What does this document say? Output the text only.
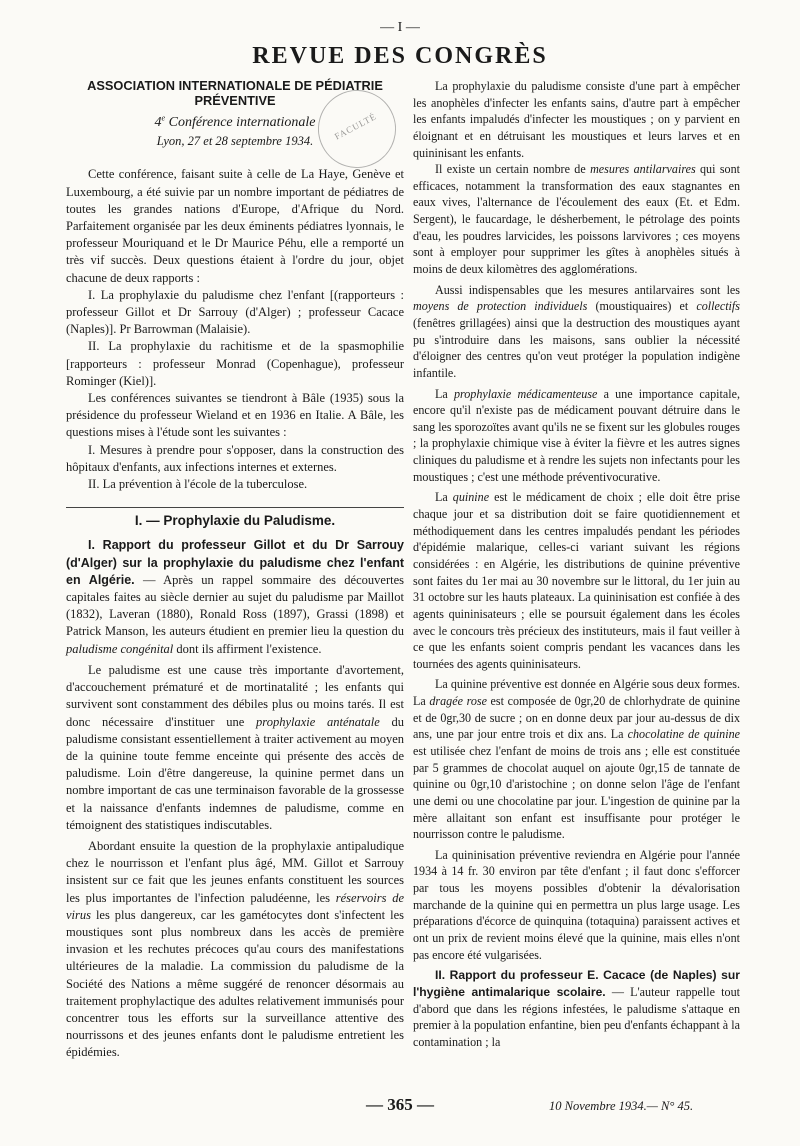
— I —
REVUE DES CONGRÈS
FACULTÉ

ASSOCIATION INTERNATIONALE DE PÉDIATRIE PRÉVENTIVE

4e Conférence internationale

Lyon, 27 et 28 septembre 1934.

Cette conférence, faisant suite à celle de La Haye, Genève et Luxembourg, a été suivie par un nombre important de pédiatres de toutes les grandes nations d'Europe, d'Afrique du Nord. Parfaitement organisée par les deux éminents pédiatres lyonnais, le professeur Mouriquand et le Dr Maurice Péhu, elle a remporté un très vif succès. Deux questions étaient à l'ordre du jour, objet chacune de deux rapports :

I. La prophylaxie du paludisme chez l'enfant [(rapporteurs : professeur Gillot et Dr Sarrouy (d'Alger) ; professeur Cacace (Naples)]. Pr Barrowman (Malaisie).

II. La prophylaxie du rachitisme et de la spasmophilie [rapporteurs : professeur Monrad (Copenhague), professeur Rominger (Kiel)].

Les conférences suivantes se tiendront à Bâle (1935) sous la présidence du professeur Wieland et en 1936 en Italie. A Bâle, les questions mises à l'étude sont les suivantes :

I. Mesures à prendre pour s'opposer, dans la construction des hôpitaux d'enfants, aux infections internes et externes.

II. La prévention à l'école de la tuberculose.

I. — Prophylaxie du Paludisme.

I. Rapport du professeur Gillot et du Dr Sarrouy (d'Alger) sur la prophylaxie du paludisme chez l'enfant en Algérie. — Après un rappel sommaire des découvertes capitales faites au siècle dernier au sujet du paludisme par Maillot (1832), Laveran (1880), Ronald Ross (1897), Grassi (1898) et Patrick Manson, les auteurs étudient en premier lieu la question du paludisme congénital dont ils affirment l'existence.

Le paludisme est une cause très importante d'avortement, d'accouchement prématuré et de mortinatalité ; les enfants qui survivent sont constamment des débiles plus ou moins tarés. Il est donc nécessaire d'instituer une prophylaxie anténatale du paludisme consistant essentiellement à traiter activement au moyen de la quinine toute femme enceinte qui présente des accès de paludisme. Loin d'être dangereuse, la quinine permet dans un nombre important de cas une terminaison favorable de la grossesse et la naissance d'enfants indemnes de paludisme, comme en témoignent des statistiques indiscutables.

Abordant ensuite la question de la prophylaxie antipaludique chez le nourrisson et l'enfant plus âgé, MM. Gillot et Sarrouy insistent sur ce fait que les jeunes enfants constituent les sources les plus importantes de l'infection paludéenne, les réservoirs de virus les plus dangereux, car les gamétocytes dont s'infectent les moustiques sont plus nombreux dans les accès de première invasion et les rechutes précoces qu'au cours des manifestations ultérieures de la maladie. La commission du paludisme de la Société des Nations a même suggéré de renoncer désormais au traitement prophylactique des adultes relativement immunisés pour concentrer tous les efforts sur la surveillance attentive des nourrissons et des jeunes enfants dont le paludisme entretient les épidémies.

La prophylaxie du paludisme consiste d'une part à empêcher les anophèles d'infecter les enfants sains, d'autre part à empêcher les enfants impaludés d'infecter les moustiques ; on y parvient en éloignant et en détruisant les moustiques et leurs larves et en quininisant les enfants.

Il existe un certain nombre de mesures antilarvaires qui sont efficaces, notamment la transformation des eaux stagnantes en eaux vives, l'alternance de l'écoulement des eaux (Et. et Edm. Sergent), le faucardage, le désherbement, le pétrolage des points d'eau, les poudres larvicides, les poissons larvivores ; ces moyens sont à employer pour supprimer les gîtes à anophèles situés à moins de deux kilomètres des agglomérations.

Aussi indispensables que les mesures antilarvaires sont les moyens de protection individuels (moustiquaires) et collectifs (fenêtres grillagées) ainsi que la destruction des moustiques ayant pu s'introduire dans les maisons, sans oublier la nécessité d'éloigner des centres qu'on veut protéger la population indigène infantile.

La prophylaxie médicamenteuse a une importance capitale, encore qu'il n'existe pas de médicament pouvant détruire dans le sang les sporozoïtes avant qu'ils ne se fixent sur les globules rouges ; la prophylaxie chimique vise à éviter la fièvre et les autres signes cliniques du paludisme et à rendre les sujets non infectants pour les moustiques ; c'est une méthode préventivocurative.

La quinine est le médicament de choix ; elle doit être prise chaque jour et sa distribution doit se faire quotidiennement et méthodiquement dans les centres impaludés pendant les périodes d'épidémie malarique, celles-ci variant suivant les régions considérées : en Algérie, les distributions de quinine préventive sont faites du 1er mai au 30 novembre sur le littoral, du 1er juin au 31 octobre sur les hauts plateaux. La quininisation est confiée à des agents quininisateurs ; elle se poursuit également dans les écoles avec le concours très précieux des instituteurs, mais il faut veiller à ce que les enfants soient compris pendant les vacances dans les tournées des agents quininisateurs.

La quinine préventive est donnée en Algérie sous deux formes. La dragée rose est composée de 0gr,20 de chlorhydrate de quinine et de 0gr,30 de sucre ; on en donne deux par jour au-dessus de dix ans, une par jour entre trois et dix ans. La chocolatine de quinine est utilisée chez l'enfant de moins de trois ans ; elle est constituée par 5 grammes de chocolat auquel on ajoute 0gr,15 de tannate de quinine ou 0gr,10 d'aristochine ; on donne selon l'âge de l'enfant une demi ou une chocolatine par jour. L'ingestion de quinine par la mère allaitant son enfant est insuffisante pour protéger le nourrisson contre le paludisme.

La quininisation préventive reviendra en Algérie pour l'année 1934 à 14 fr. 30 environ par tête d'enfant ; il faut donc s'efforcer par tous les moyens possibles d'obtenir la dévalorisation marchande de la quinine qui en permettra un plus large usage. Les préparations d'écorce de quinquina (totaquina) paraissent actives et ont un prix de revient moins élevé que la quinine, mais elles n'ont pas encore été vulgarisées.

II. Rapport du professeur E. Cacace (de Naples) sur l'hygiène antimalarique scolaire. — L'auteur rappelle tout d'abord que dans les régions infestées, le paludisme s'attaque en premier à la population enfantine, bien peu d'enfants échappant à la contamination ; la

— 365 —	10 Novembre 1934.— N° 45.
